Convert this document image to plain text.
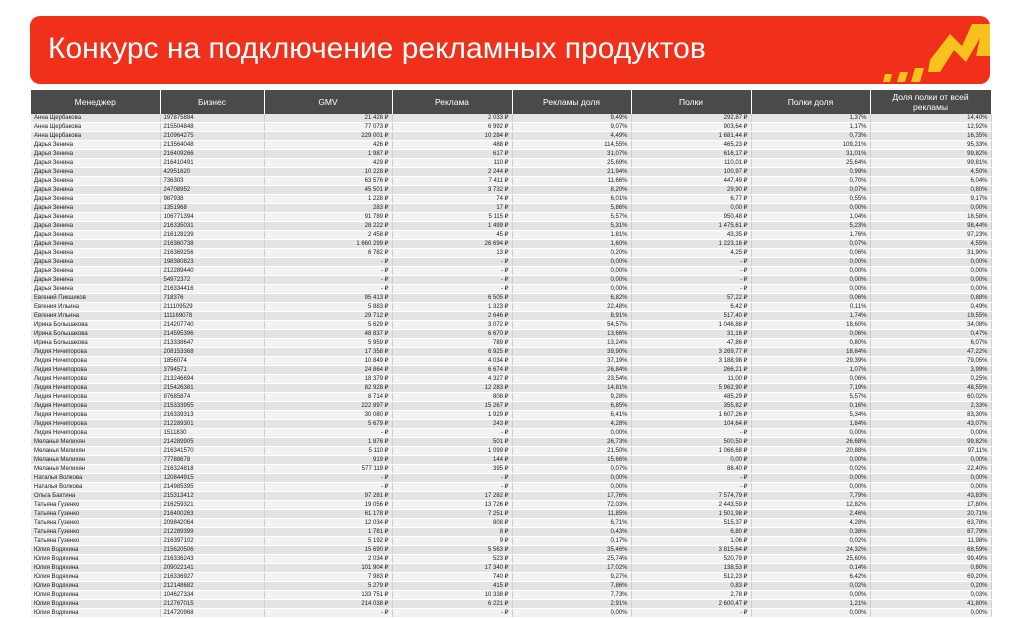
Конкурс на подключение рекламных продуктов
Менеджер	Бизнес	GMV	Реклама	Рекламы доля	Полки	Полки доля	Доля полки от всей рекламы
Анна Щербакова	197875884	21 428 ₽	2 033 ₽	9,49%	292,87 ₽	1,37%	14,40%
Анна Щербакова	215504848	77 073 ₽	6 992 ₽	9,07%	903,64 ₽	1,17%	12,92%
Анна Щербакова	210964275	229 001 ₽	10 284 ₽	4,49%	1 681,44 ₽	0,73%	16,35%
Дарья Зенина	213564048	426 ₽	488 ₽	114,55%	465,23 ₽	109,21%	95,33%
Дарья Зенина	216409266	1 987 ₽	617 ₽	31,07%	616,17 ₽	31,01%	99,82%
Дарья Зенина	216410491	429 ₽	110 ₽	25,69%	110,01 ₽	25,64%	99,81%
Дарья Зенина	42951620	10 228 ₽	2 244 ₽	21,94%	100,97 ₽	0,99%	4,50%
Дарья Зенина	736303	63 576 ₽	7 411 ₽	11,66%	447,49 ₽	0,70%	6,04%
Дарья Зенина	24708952	45 501 ₽	3 732 ₽	8,20%	29,90 ₽	0,07%	0,80%
Дарья Зенина	987938	1 228 ₽	74 ₽	6,01%	6,77 ₽	0,55%	9,17%
Дарья Зенина	1351968	283 ₽	17 ₽	5,86%	0,00 ₽	0,00%	0,00%
Дарья Зенина	106771394	91 789 ₽	5 115 ₽	5,57%	950,48 ₽	1,04%	18,58%
Дарья Зенина	216335031	28 222 ₽	1 499 ₽	5,31%	1 475,61 ₽	5,23%	98,44%
Дарья Зенина	216128239	2 458 ₽	45 ₽	1,81%	43,35 ₽	1,76%	97,23%
Дарья Зенина	216360738	1 660 299 ₽	26 694 ₽	1,60%	1 223,16 ₽	0,07%	4,55%
Дарья Зенина	216369256	6 782 ₽	13 ₽	0,20%	4,25 ₽	0,06%	31,90%
Дарья Зенина	198380823	- ₽	- ₽	0,00%	- ₽	0,00%	0,00%
Дарья Зенина	212289440	- ₽	- ₽	0,00%	- ₽	0,00%	0,00%
Дарья Зенина	54972372	- ₽	- ₽	0,00%	- ₽	0,00%	0,00%
Дарья Зенина	216334416	- ₽	- ₽	0,00%	- ₽	0,00%	0,00%
Евгений Пикшиков	718376	95 413 ₽	6 505 ₽	6,82%	57,22 ₽	0,06%	0,88%
Евгения Ильина	211109529	5 883 ₽	1 323 ₽	22,48%	6,42 ₽	0,11%	0,49%
Евгения Ильина	111169078	29 712 ₽	2 646 ₽	8,91%	517,40 ₽	1,74%	19,55%
Ирина Большакова	214207740	5 629 ₽	3 072 ₽	54,57%	1 046,88 ₽	18,60%	34,08%
Ирина Большакова	214595396	48 837 ₽	6 670 ₽	13,66%	31,16 ₽	0,06%	0,47%
Ирина Большакова	213338647	5 959 ₽	789 ₽	13,24%	47,86 ₽	0,80%	6,07%
Лидия Ничипорова	208153368	17 358 ₽	6 925 ₽	39,90%	3 269,77 ₽	18,84%	47,22%
Лидия Ничипорова	1856074	10 849 ₽	4 034 ₽	37,19%	3 188,98 ₽	29,39%	79,05%
Лидия Ничипорова	3794571	24 864 ₽	6 674 ₽	26,84%	266,21 ₽	1,07%	3,99%
Лидия Ничипорова	213246694	18 379 ₽	4 327 ₽	23,54%	11,00 ₽	0,06%	0,25%
Лидия Ничипорова	215426381	82 928 ₽	12 283 ₽	14,81%	5 962,90 ₽	7,19%	48,55%
Лидия Ничипорова	97685874	8 714 ₽	808 ₽	9,28%	485,29 ₽	5,57%	60,02%
Лидия Ничипорова	215333955	222 897 ₽	15 267 ₽	6,85%	355,82 ₽	0,16%	2,33%
Лидия Ничипорова	216339313	30 080 ₽	1 929 ₽	6,41%	1 607,26 ₽	5,34%	83,30%
Лидия Ничипорова	212289301	5 679 ₽	243 ₽	4,28%	104,64 ₽	1,84%	43,07%
Лидия Ничипорова	1511830	- ₽	- ₽	0,00%	- ₽	0,00%	0,00%
Меланья Мелихян	214289905	1 876 ₽	501 ₽	26,73%	500,50 ₽	26,68%	99,82%
Меланья Мелихян	216341570	5 110 ₽	1 099 ₽	21,50%	1 066,68 ₽	20,88%	97,11%
Меланья Мелихян	77788678	919 ₽	144 ₽	15,66%	0,00 ₽	0,00%	0,00%
Меланья Мелихян	216324818	577 119 ₽	395 ₽	0,07%	88,40 ₽	0,02%	22,40%
Наталья Волкова	120844915	- ₽	- ₽	0,00%	- ₽	0,00%	0,00%
Наталья Волкова	214985395	- ₽	- ₽	0,00%	- ₽	0,00%	0,00%
Ольга Бахтина	215313412	97 281 ₽	17 282 ₽	17,76%	7 574,79 ₽	7,79%	43,83%
Татьяна Гузенко	216259321	19 056 ₽	13 726 ₽	72,03%	2 443,59 ₽	12,82%	17,80%
Татьяна Гузенко	216400263	61 178 ₽	7 251 ₽	11,85%	1 501,98 ₽	2,46%	20,71%
Татьяна Гузенко	209842064	12 034 ₽	808 ₽	6,71%	515,37 ₽	4,28%	63,78%
Татьяна Гузенко	212289399	1 781 ₽	8 ₽	0,43%	6,80 ₽	0,38%	87,79%
Татьяна Гузенко	216397102	5 192 ₽	9 ₽	0,17%	1,06 ₽	0,02%	11,98%
Юлия Водяхина	215620506	15 690 ₽	5 563 ₽	35,46%	3 815,64 ₽	24,32%	68,59%
Юлия Водяхина	216336243	2 034 ₽	523 ₽	25,74%	520,79 ₽	25,60%	99,49%
Юлия Водяхина	209022141	101 904 ₽	17 340 ₽	17,02%	138,53 ₽	0,14%	0,80%
Юлия Водяхина	216336927	7 983 ₽	740 ₽	9,27%	512,23 ₽	6,42%	69,20%
Юлия Водяхина	212148682	5 279 ₽	415 ₽	7,86%	0,83 ₽	0,02%	0,20%
Юлия Водяхина	104627334	133 751 ₽	10 338 ₽	7,73%	2,78 ₽	0,00%	0,03%
Юлия Водяхина	212767015	214 038 ₽	6 221 ₽	2,91%	2 600,47 ₽	1,21%	41,80%
Юлия Водяхина	214720968	- ₽	- ₽	0,00%	- ₽	0,00%	0,00%
